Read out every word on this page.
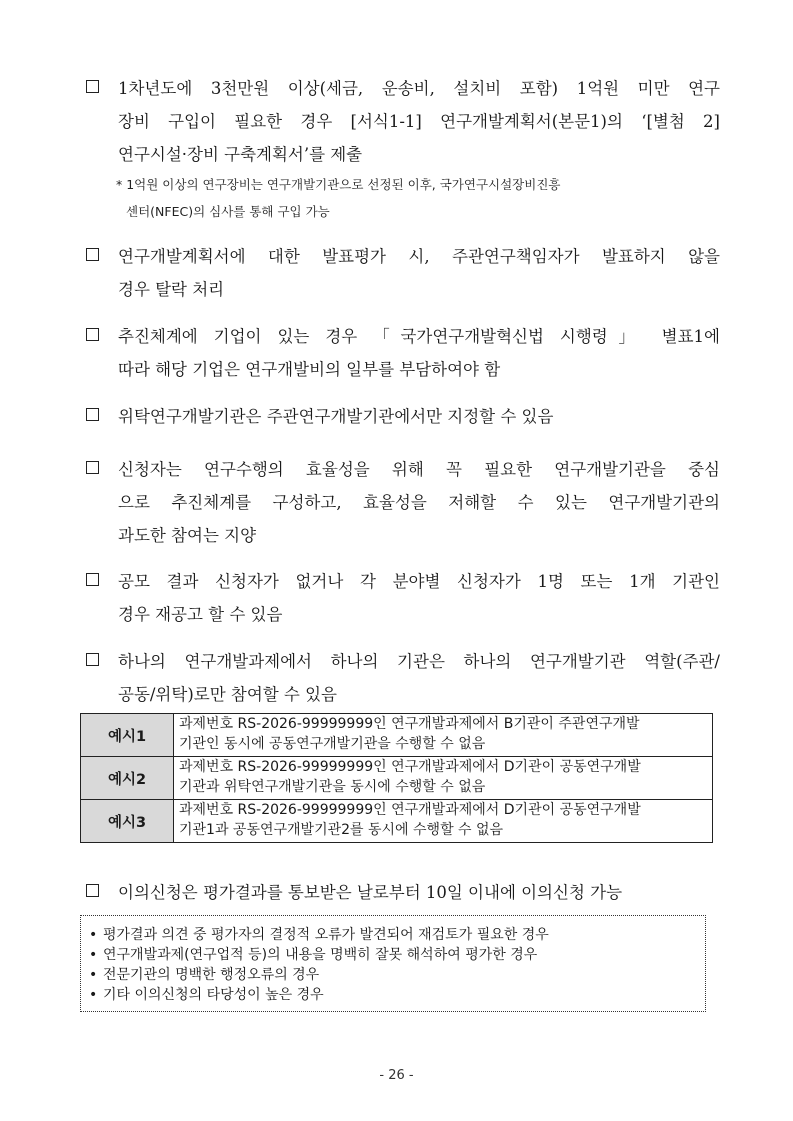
1차년도에 3천만원 이상(세금, 운송비, 설치비 포함) 1억원 미만 연구
장비 구입이 필요한 경우 [서식1-1] 연구개발계획서(본문1)의 ‘[별첨 2]
연구시설·장비 구축계획서’를 제출
* 1억원 이상의 연구장비는 연구개발기관으로 선정된 이후, 국가연구시설장비진흥
센터(NFEC)의 심사를 통해 구입 가능
연구개발계획서에 대한 발표평가 시, 주관연구책임자가 발표하지 않을
경우 탈락 처리
추진체계에 기업이 있는 경우 「국가연구개발혁신법 시행령」 별표1에
따라 해당 기업은 연구개발비의 일부를 부담하여야 함
위탁연구개발기관은 주관연구개발기관에서만 지정할 수 있음
신청자는 연구수행의 효율성을 위해 꼭 필요한 연구개발기관을 중심
으로 추진체계를 구성하고, 효율성을 저해할 수 있는 연구개발기관의
과도한 참여는 지양
공모 결과 신청자가 없거나 각 분야별 신청자가 1명 또는 1개 기관인
경우 재공고 할 수 있음
하나의 연구개발과제에서 하나의 기관은 하나의 연구개발기관 역할(주관/
공동/위탁)로만 참여할 수 있음
예시1	과제번호 RS-2026-99999999인 연구개발과제에서 B기관이 주관연구개발
기관인 동시에 공동연구개발기관을 수행할 수 없음

예시2	과제번호 RS-2026-99999999인 연구개발과제에서 D기관이 공동연구개발
기관과 위탁연구개발기관을 동시에 수행할 수 없음

예시3	과제번호 RS-2026-99999999인 연구개발과제에서 D기관이 공동연구개발
기관1과 공동연구개발기관2를 동시에 수행할 수 없음
이의신청은 평가결과를 통보받은 날로부터 10일 이내에 이의신청 가능
• 평가결과 의견 중 평가자의 결정적 오류가 발견되어 재검토가 필요한 경우
• 연구개발과제(연구업적 등)의 내용을 명백히 잘못 해석하여 평가한 경우
• 전문기관의 명백한 행정오류의 경우
• 기타 이의신청의 타당성이 높은 경우
- 26 -
